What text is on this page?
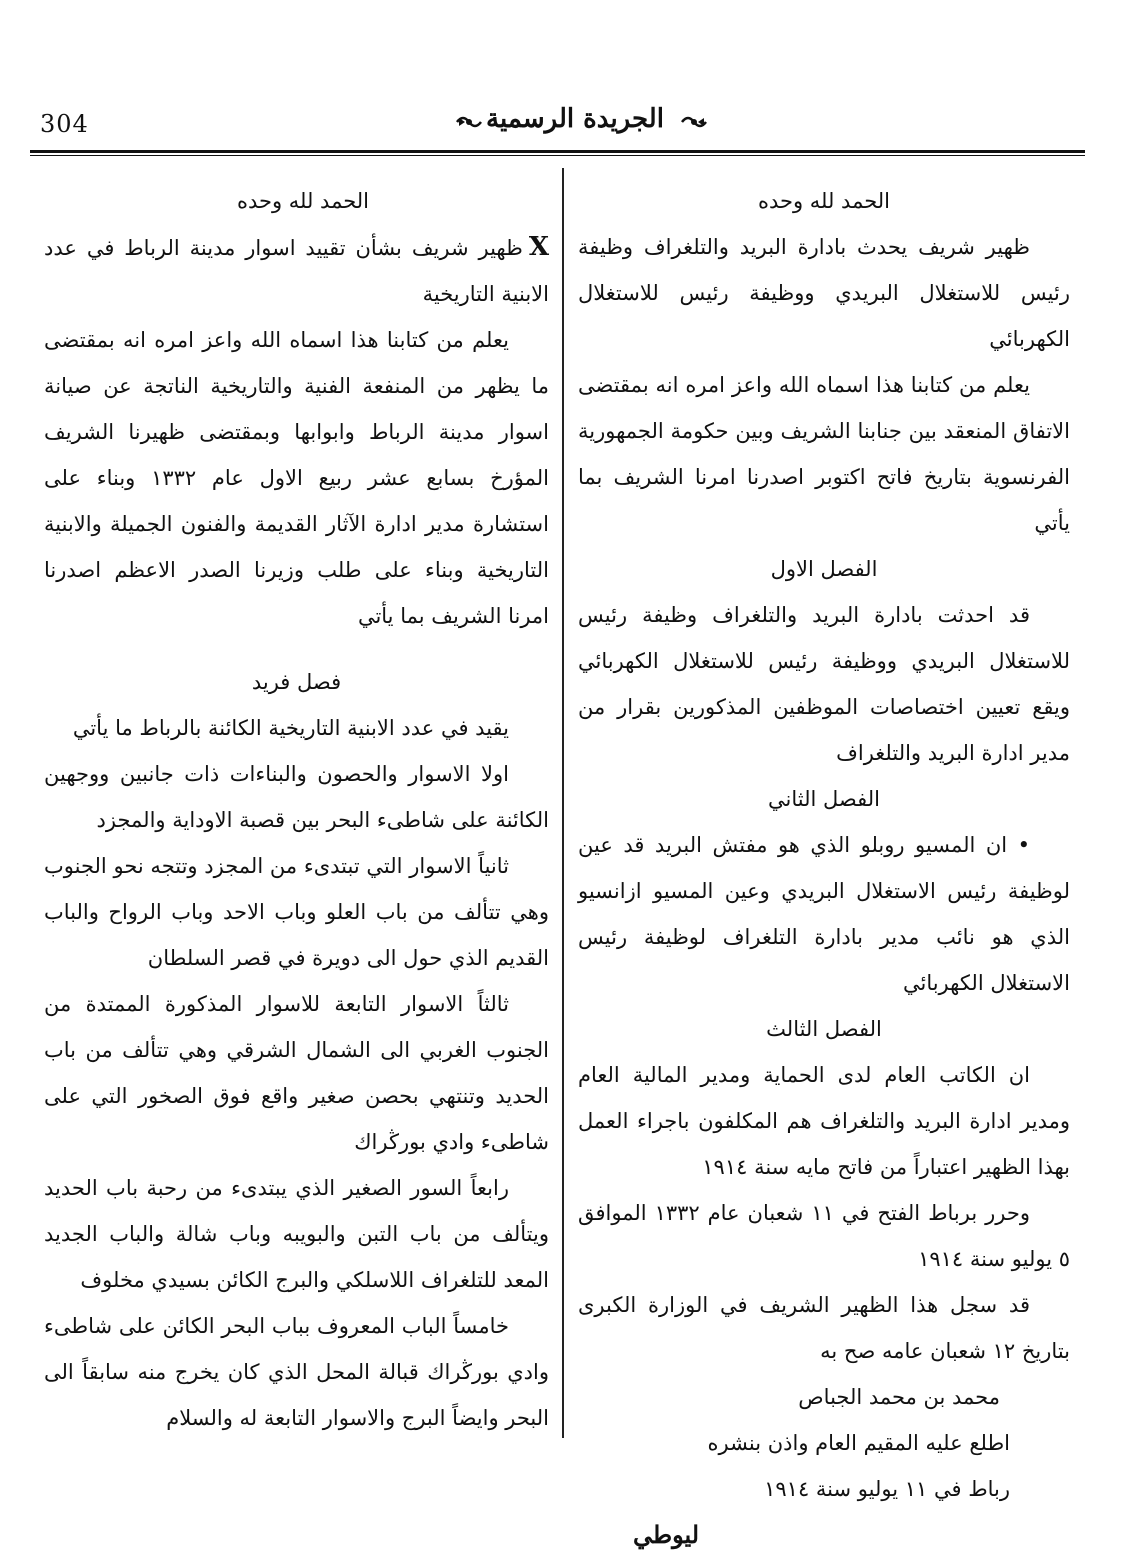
304	الجريدة الرسمية

الحمد لله وحده

ظهير شريف يحدث بادارة البريد والتلغراف وظيفة رئيس للاستغلال البريدي ووظيفة رئيس للاستغلال الكهربائي

يعلم من كتابنا هذا اسماه الله واعز امره انه بمقتضى الاتفاق المنعقد بين جنابنا الشريف وبين حكومة الجمهورية الفرنسوية بتاريخ فاتح اكتوبر اصدرنا امرنا الشريف بما يأتي

الفصل الاول

قد احدثت بادارة البريد والتلغراف وظيفة رئيس للاستغلال البريدي ووظيفة رئيس للاستغلال الكهربائي ويقع تعيين اختصاصات الموظفين المذكورين بقرار من مدير ادارة البريد والتلغراف

الفصل الثاني

• ان المسيو روبلو الذي هو مفتش البريد قد عين لوظيفة رئيس الاستغلال البريدي وعين المسيو ازانسيو الذي هو نائب مدير بادارة التلغراف لوظيفة رئيس الاستغلال الكهربائي

الفصل الثالث

ان الكاتب العام لدى الحماية ومدير المالية العام ومدير ادارة البريد والتلغراف هم المكلفون باجراء العمل بهذا الظهير اعتباراً من فاتح مايه سنة ١٩١٤

وحرر برباط الفتح في ١١ شعبان عام ١٣٣٢ الموافق ٥ يوليو سنة ١٩١٤

قد سجل هذا الظهير الشريف في الوزارة الكبرى بتاريخ ١٢ شعبان عامه صح به

محمد بن محمد الجباص

اطلع عليه المقيم العام واذن بنشره

رباط في ١١ يوليو سنة ١٩١٤

ليوطي

الحمد لله وحده

Xظهير شريف بشأن تقييد اسوار مدينة الرباط في عدد الابنية التاريخية

يعلم من كتابنا هذا اسماه الله واعز امره انه بمقتضى ما يظهر من المنفعة الفنية والتاريخية الناتجة عن صيانة اسوار مدينة الرباط وابوابها وبمقتضى ظهيرنا الشريف المؤرخ بسابع عشر ربيع الاول عام ١٣٣٢ وبناء على استشارة مدير ادارة الآثار القديمة والفنون الجميلة والابنية التاريخية وبناء على طلب وزيرنا الصدر الاعظم اصدرنا امرنا الشريف بما يأتي

فصل فريد

يقيد في عدد الابنية التاريخية الكائنة بالرباط ما يأتي

اولا الاسوار والحصون والبناءات ذات جانبين ووجهين الكائنة على شاطىء البحر بين قصبة الاوداية والمجزد

ثانياً الاسوار التي تبتدىء من المجزد وتتجه نحو الجنوب وهي تتألف من باب العلو وباب الاحد وباب الرواح والباب القديم الذي حول الى دويرة في قصر السلطان

ثالثاً الاسوار التابعة للاسوار المذكورة الممتدة من الجنوب الغربي الى الشمال الشرقي وهي تتألف من باب الحديد وتنتهي بحصن صغير واقع فوق الصخور التي على شاطىء وادي بورڭراك

رابعاً السور الصغير الذي يبتدىء من رحبة باب الحديد ويتألف من باب التبن والبويبه وباب شالة والباب الجديد المعد للتلغراف اللاسلكي والبرج الكائن بسيدي مخلوف

خامساً الباب المعروف بباب البحر الكائن على شاطىء وادي بورڭراك قبالة المحل الذي كان يخرج منه سابقاً الى البحر وايضاً البرج والاسوار التابعة له والسلام
